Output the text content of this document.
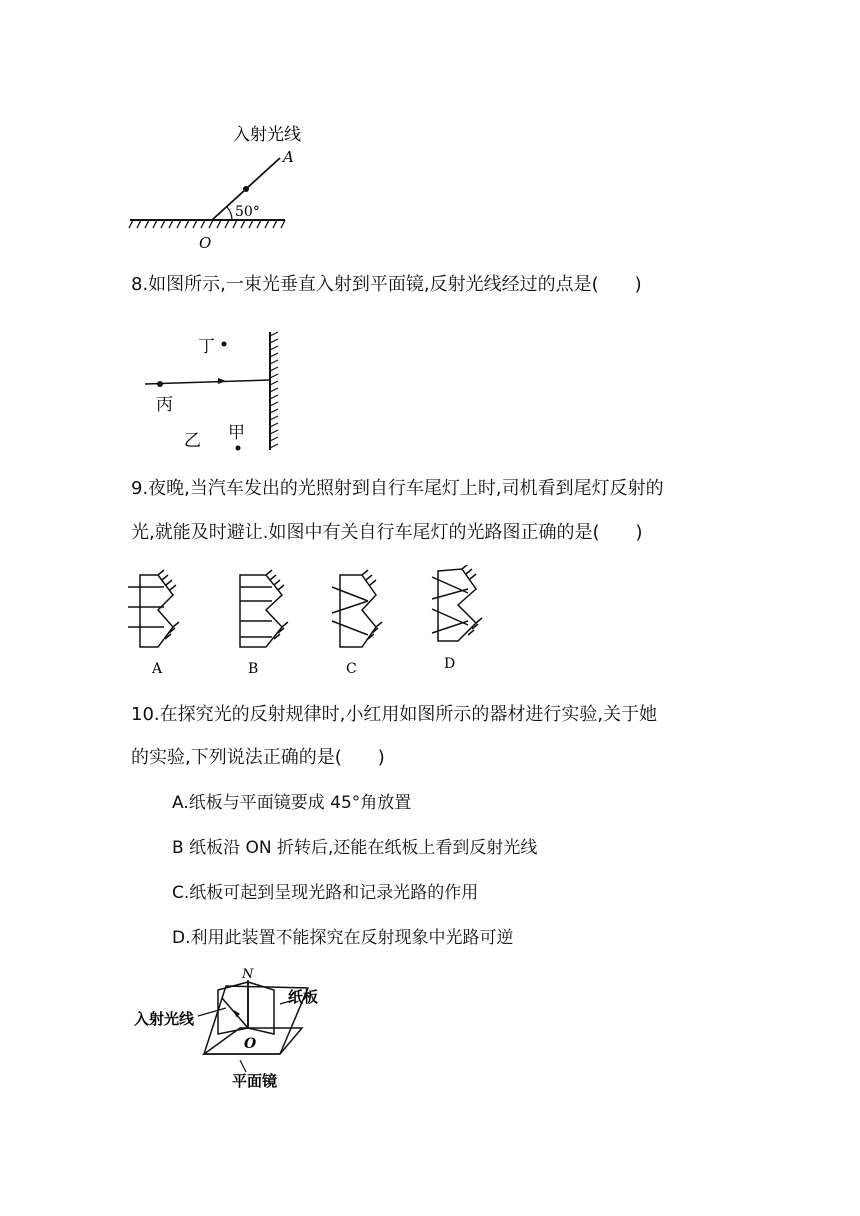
入射光线
A
50°
O
8.如图所示,一束光垂直入射到平面镜,反射光线经过的点是(　　)
丁
丙
乙 甲
9.夜晚,当汽车发出的光照射到自行车尾灯上时,司机看到尾灯反射的
光,就能及时避让.如图中有关自行车尾灯的光路图正确的是(　　)
A	B	C	D
10.在探究光的反射规律时,小红用如图所示的器材进行实验,关于她
的实验,下列说法正确的是(　　)
A.纸板与平面镜要成 45°角放置
B 纸板沿 ON 折转后,还能在纸板上看到反射光线
C.纸板可起到呈现光路和记录光路的作用
D.利用此装置不能探究在反射现象中光路可逆
N
纸板
入射光线
O
平面镜
